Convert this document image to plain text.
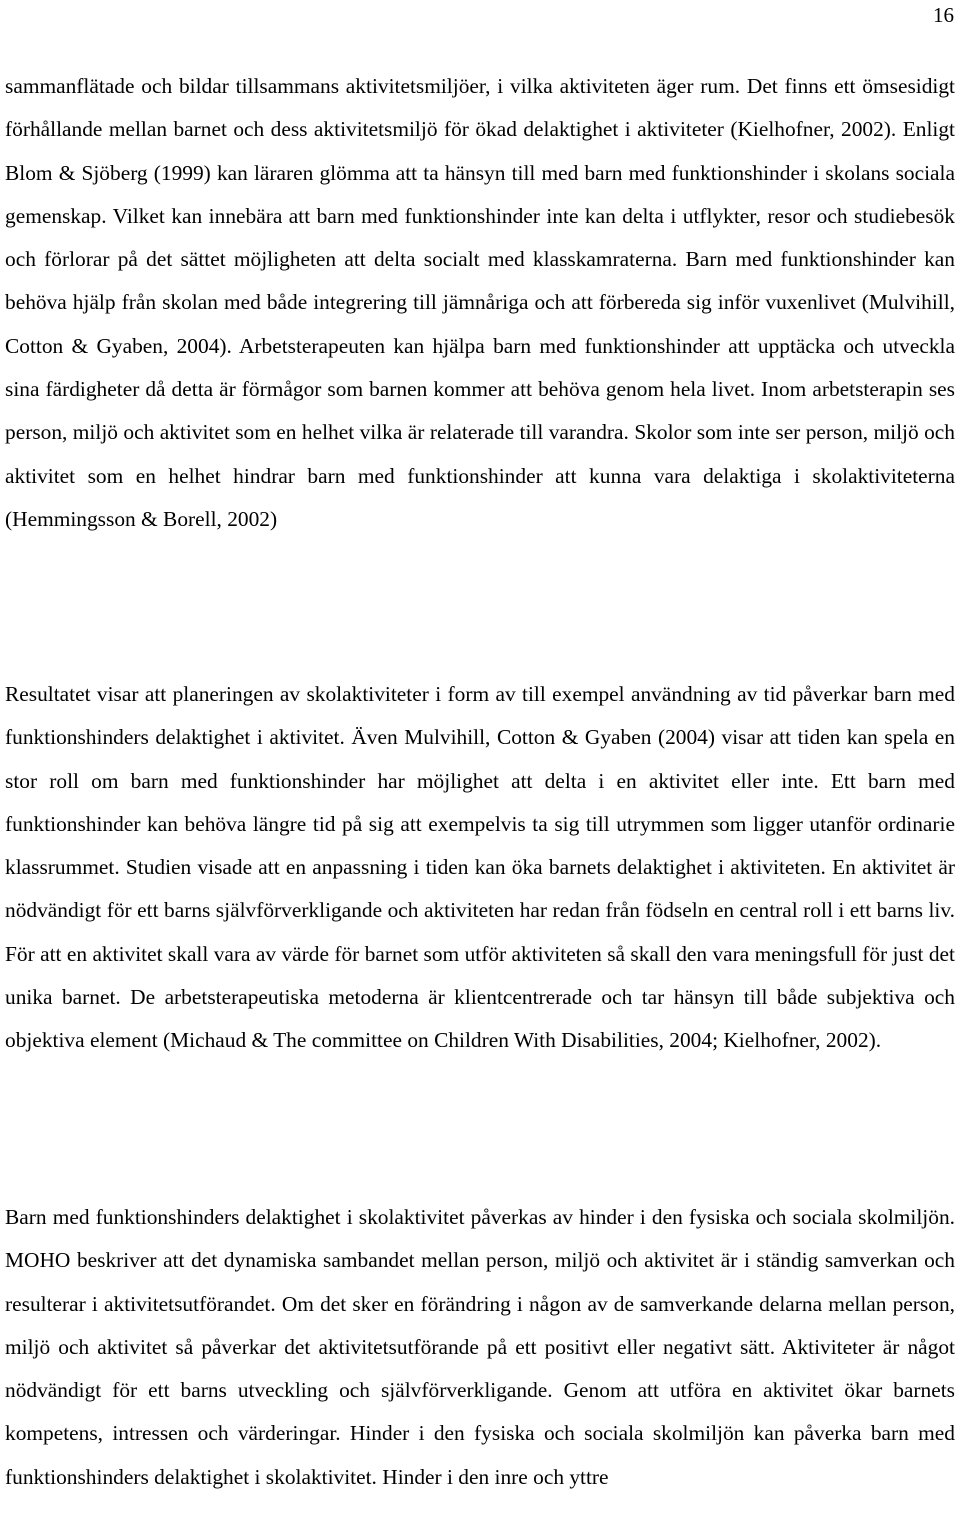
16

sammanflätade och bildar tillsammans aktivitetsmiljöer, i vilka aktiviteten äger rum. Det finns ett ömsesidigt förhållande mellan barnet och dess aktivitetsmiljö för ökad delaktighet i aktiviteter (Kielhofner, 2002). Enligt Blom & Sjöberg (1999) kan läraren glömma att ta hänsyn till med barn med funktionshinder i skolans sociala gemenskap. Vilket kan innebära att barn med funktionshinder inte kan delta i utflykter, resor och studiebesök och förlorar på det sättet möjligheten att delta socialt med klasskamraterna. Barn med funktionshinder kan behöva hjälp från skolan med både integrering till jämnåriga och att förbereda sig inför vuxenlivet (Mulvihill, Cotton & Gyaben, 2004). Arbetsterapeuten kan hjälpa barn med funktionshinder att upptäcka och utveckla sina färdigheter då detta är förmågor som barnen kommer att behöva genom hela livet. Inom arbetsterapin ses person, miljö och aktivitet som en helhet vilka är relaterade till varandra. Skolor som inte ser person, miljö och aktivitet som en helhet hindrar barn med funktionshinder att kunna vara delaktiga i skolaktiviteterna (Hemmingsson & Borell, 2002)

Resultatet visar att planeringen av skolaktiviteter i form av till exempel användning av tid påverkar barn med funktionshinders delaktighet i aktivitet. Även Mulvihill, Cotton & Gyaben (2004) visar att tiden kan spela en stor roll om barn med funktionshinder har möjlighet att delta i en aktivitet eller inte. Ett barn med funktionshinder kan behöva längre tid på sig att exempelvis ta sig till utrymmen som ligger utanför ordinarie klassrummet. Studien visade att en anpassning i tiden kan öka barnets delaktighet i aktiviteten. En aktivitet är nödvändigt för ett barns självförverkligande och aktiviteten har redan från födseln en central roll i ett barns liv. För att en aktivitet skall vara av värde för barnet som utför aktiviteten så skall den vara meningsfull för just det unika barnet. De arbetsterapeutiska metoderna är klientcentrerade och tar hänsyn till både subjektiva och objektiva element (Michaud & The committee on Children With Disabilities, 2004; Kielhofner, 2002).

Barn med funktionshinders delaktighet i skolaktivitet påverkas av hinder i den fysiska och sociala skolmiljön. MOHO beskriver att det dynamiska sambandet mellan person, miljö och aktivitet är i ständig samverkan och resulterar i aktivitetsutförandet. Om det sker en förändring i någon av de samverkande delarna mellan person, miljö och aktivitet så påverkar det aktivitetsutförande på ett positivt eller negativt sätt. Aktiviteter är något nödvändigt för ett barns utveckling och självförverkligande. Genom att utföra en aktivitet ökar barnets kompetens, intressen och värderingar. Hinder i den fysiska och sociala skolmiljön kan påverka barn med funktionshinders delaktighet i skolaktivitet. Hinder i den inre och yttre
